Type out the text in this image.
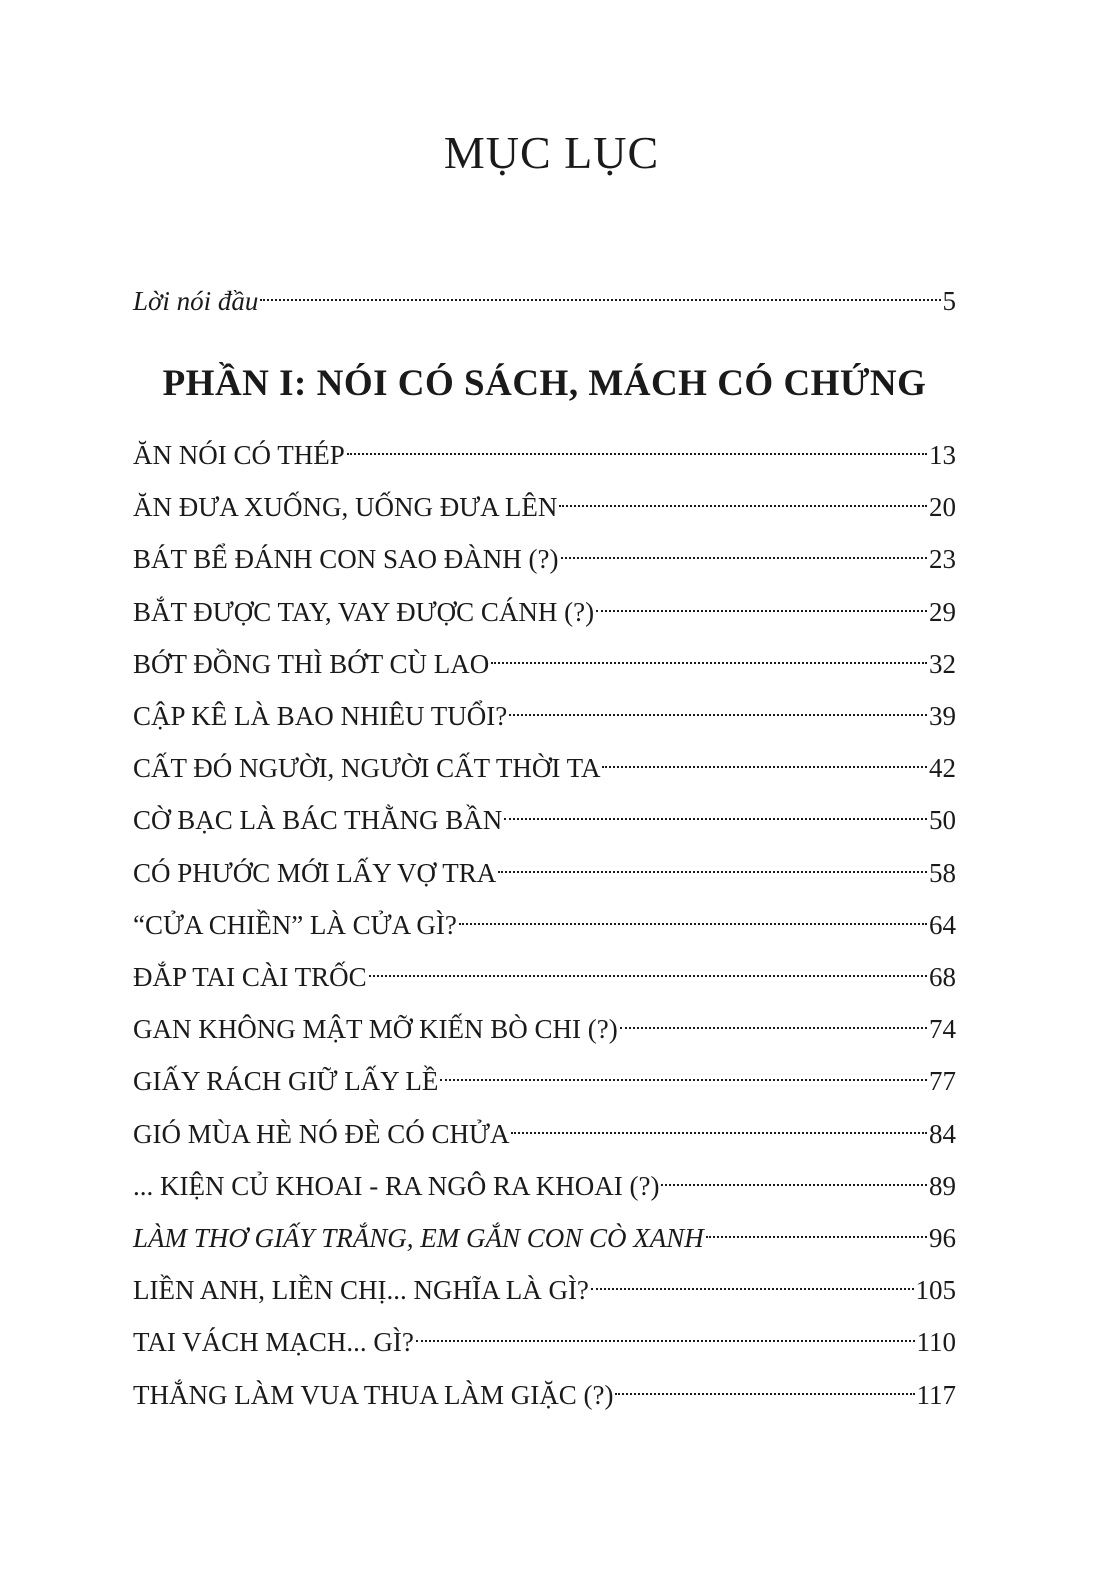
MỤC LỤC
Lời nói đầu	5
PHẦN I: NÓI CÓ SÁCH, MÁCH CÓ CHỨNG
ĂN NÓI CÓ THÉP	13
ĂN ĐƯA XUỐNG, UỐNG ĐƯA LÊN	20
BÁT BỂ ĐÁNH CON SAO ĐÀNH (?)	23
BẮT ĐƯỢC TAY, VAY ĐƯỢC CÁNH (?)	29
BỚT ĐỒNG THÌ BỚT CÙ LAO	32
CẬP KÊ LÀ BAO NHIÊU TUỔI?	39
CẤT ĐÓ NGƯỜI, NGƯỜI CẤT THỜI TA	42
CỜ BẠC LÀ BÁC THẰNG BẦN	50
CÓ PHƯỚC MỚI LẤY VỢ TRA	58
“CỬA CHIỀN” LÀ CỬA GÌ?	64
ĐẮP TAI CÀI TRỐC	68
GAN KHÔNG MẬT MỠ KIẾN BÒ CHI (?)	74
GIẤY RÁCH GIỮ LẤY LỀ	77
GIÓ MÙA HÈ NÓ ĐÈ CÓ CHỬA	84
... KIỆN CỦ KHOAI - RA NGÔ RA KHOAI (?)	89
LÀM THƠ GIẤY TRẮNG, EM GẮN CON CÒ XANH	96
LIỀN ANH, LIỀN CHỊ... NGHĨA LÀ GÌ?	105
TAI VÁCH MẠCH... GÌ?	110
THẮNG LÀM VUA THUA LÀM GIẶC (?)	117
